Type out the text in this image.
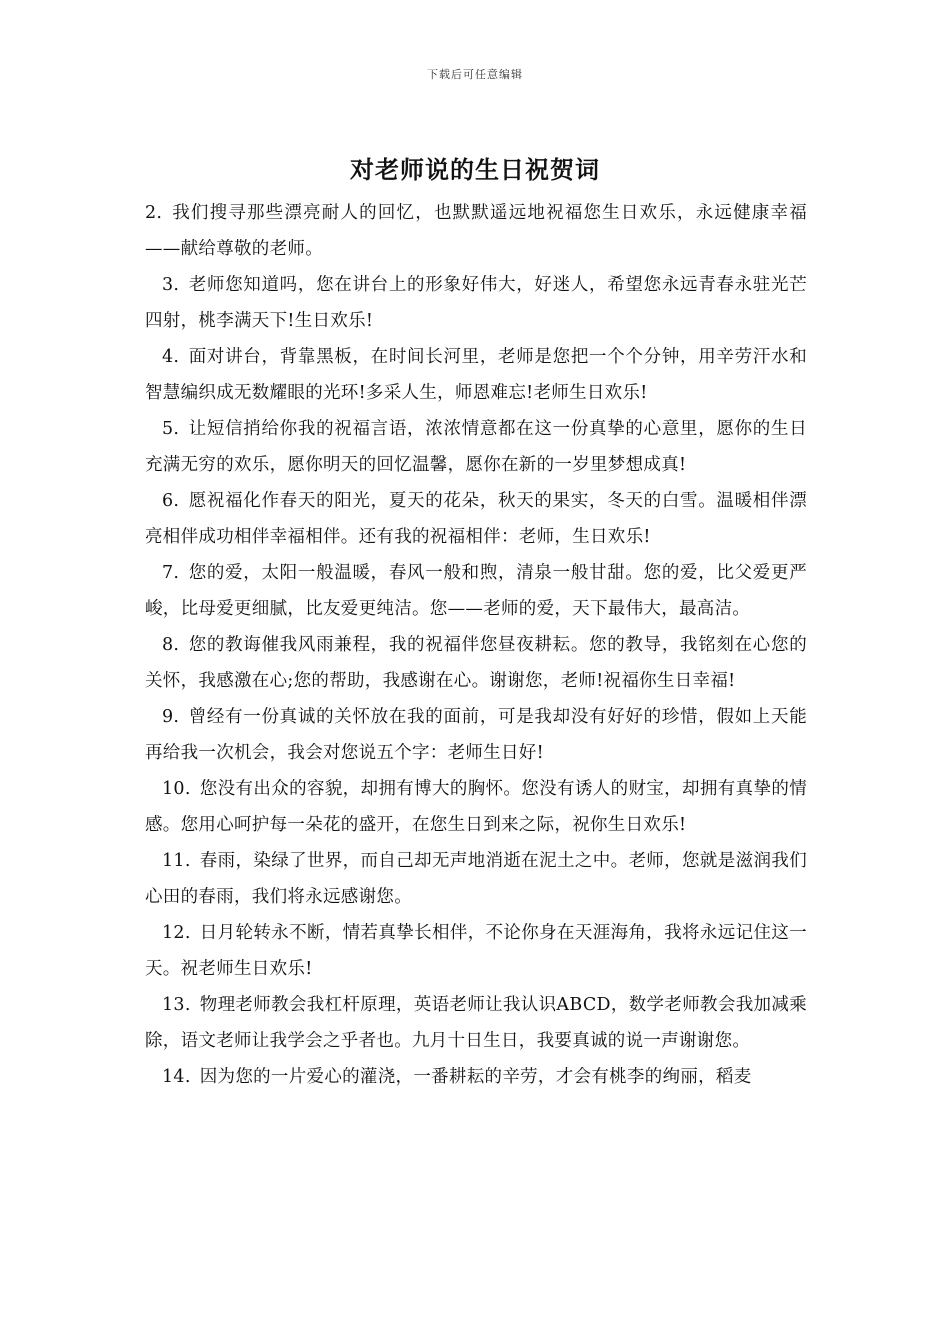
下载后可任意编辑
对老师说的生日祝贺词

2. 我们搜寻那些漂亮耐人的回忆，也默默遥远地祝福您生日欢乐，永远健康幸福——献给尊敬的老师。

3. 老师您知道吗，您在讲台上的形象好伟大，好迷人，希望您永远青春永驻光芒四射，桃李满天下!生日欢乐!

4. 面对讲台，背靠黑板，在时间长河里，老师是您把一个个分钟，用辛劳汗水和智慧编织成无数耀眼的光环!多采人生，师恩难忘!老师生日欢乐!

5. 让短信捎给你我的祝福言语，浓浓情意都在这一份真挚的心意里，愿你的生日充满无穷的欢乐，愿你明天的回忆温馨，愿你在新的一岁里梦想成真!

6. 愿祝福化作春天的阳光，夏天的花朵，秋天的果实，冬天的白雪。温暖相伴漂亮相伴成功相伴幸福相伴。还有我的祝福相伴：老师，生日欢乐!

7. 您的爱，太阳一般温暖，春风一般和煦，清泉一般甘甜。您的爱，比父爱更严峻，比母爱更细腻，比友爱更纯洁。您——老师的爱，天下最伟大，最高洁。

8. 您的教诲催我风雨兼程，我的祝福伴您昼夜耕耘。您的教导，我铭刻在心您的关怀，我感激在心;您的帮助，我感谢在心。谢谢您，老师!祝福你生日幸福!

9. 曾经有一份真诚的关怀放在我的面前，可是我却没有好好的珍惜，假如上天能再给我一次机会，我会对您说五个字：老师生日好!

10. 您没有出众的容貌，却拥有博大的胸怀。您没有诱人的财宝，却拥有真挚的情感。您用心呵护每一朵花的盛开，在您生日到来之际，祝你生日欢乐!

11. 春雨，染绿了世界，而自己却无声地消逝在泥土之中。老师，您就是滋润我们心田的春雨，我们将永远感谢您。

12. 日月轮转永不断，情若真挚长相伴，不论你身在天涯海角，我将永远记住这一天。祝老师生日欢乐!

13. 物理老师教会我杠杆原理，英语老师让我认识ABCD，数学老师教会我加减乘除，语文老师让我学会之乎者也。九月十日生日，我要真诚的说一声谢谢您。

14. 因为您的一片爱心的灌浇，一番耕耘的辛劳，才会有桃李的绚丽，稻麦
